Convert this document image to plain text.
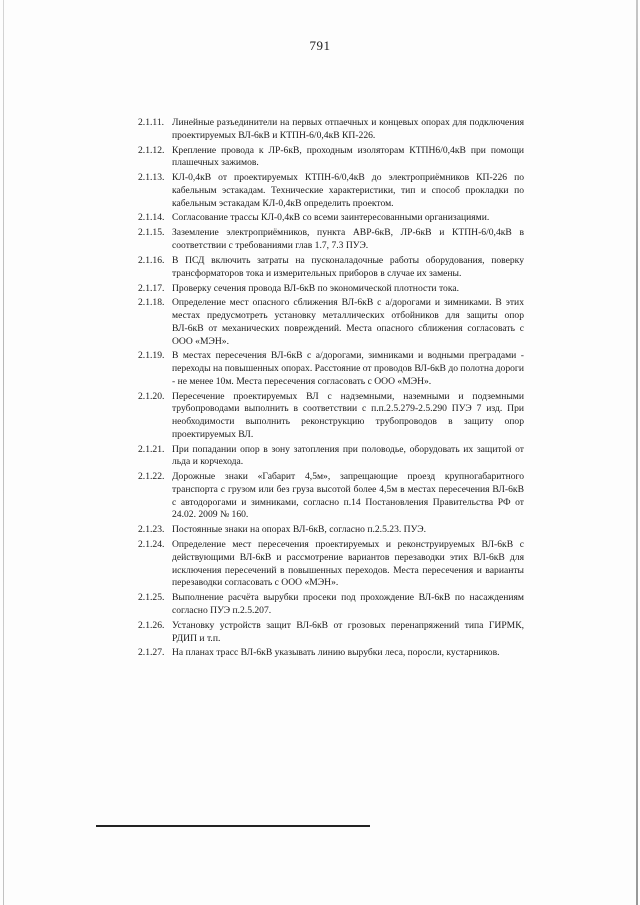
791
2.1.11. Линейные разъединители на первых отпаечных и концевых опорах для подключения проектируемых ВЛ-6кВ и КТПН-6/0,4кВ КП-226.
2.1.12. Крепление провода к ЛР-6кВ, проходным изоляторам КТПН6/0,4кВ при помощи плашечных зажимов.
2.1.13. КЛ-0,4кВ от проектируемых КТПН-6/0,4кВ до электроприёмников КП-226 по кабельным эстакадам. Технические характеристики, тип и способ прокладки по кабельным эстакадам КЛ-0,4кВ определить проектом.
2.1.14. Согласование трассы КЛ-0,4кВ со всеми заинтересованными организациями.
2.1.15. Заземление электроприёмников, пункта АВР-6кВ, ЛР-6кВ и КТПН-6/0,4кВ в соответствии с требованиями глав 1.7, 7.3 ПУЭ.
2.1.16. В ПСД включить затраты на пусконаладочные работы оборудования, поверку трансформаторов тока и измерительных приборов в случае их замены.
2.1.17. Проверку сечения провода ВЛ-6кВ по экономической плотности тока.
2.1.18. Определение мест опасного сближения ВЛ-6кВ с а/дорогами и зимниками. В этих местах предусмотреть установку металлических отбойников для защиты опор ВЛ-6кВ от механических повреждений. Места опасного сближения согласовать с ООО «МЭН».
2.1.19. В местах пересечения ВЛ-6кВ с а/дорогами, зимниками и водными преградами - переходы на повышенных опорах. Расстояние от проводов ВЛ-6кВ до полотна дороги - не менее 10м. Места пересечения согласовать с ООО «МЭН».
2.1.20. Пересечение проектируемых ВЛ с надземными, наземными и подземными трубопроводами выполнить в соответствии с п.п.2.5.279-2.5.290 ПУЭ 7 изд. При необходимости выполнить реконструкцию трубопроводов в защиту опор проектируемых ВЛ.
2.1.21. При попадании опор в зону затопления при половодье, оборудовать их защитой от льда и корчехода.
2.1.22. Дорожные знаки «Габарит 4,5м», запрещающие проезд крупногабаритного транспорта с грузом или без груза высотой более 4,5м в местах пересечения ВЛ-6кВ с автодорогами и зимниками, согласно п.14 Постановления Правительства РФ от 24.02. 2009 № 160.
2.1.23. Постоянные знаки на опорах ВЛ-6кВ, согласно п.2.5.23. ПУЭ.
2.1.24. Определение мест пересечения проектируемых и реконструируемых ВЛ-6кВ с действующими ВЛ-6кВ и рассмотрение вариантов перезаводки этих ВЛ-6кВ для исключения пересечений в повышенных переходов. Места пересечения и варианты перезаводки согласовать с ООО «МЭН».
2.1.25. Выполнение расчёта вырубки просеки под прохождение ВЛ-6кВ по насаждениям согласно ПУЭ п.2.5.207.
2.1.26. Установку устройств защит ВЛ-6кВ от грозовых перенапряжений типа ГИРМК, РДИП и т.п.
2.1.27. На планах трасс ВЛ-6кВ указывать линию вырубки леса, поросли, кустарников.
